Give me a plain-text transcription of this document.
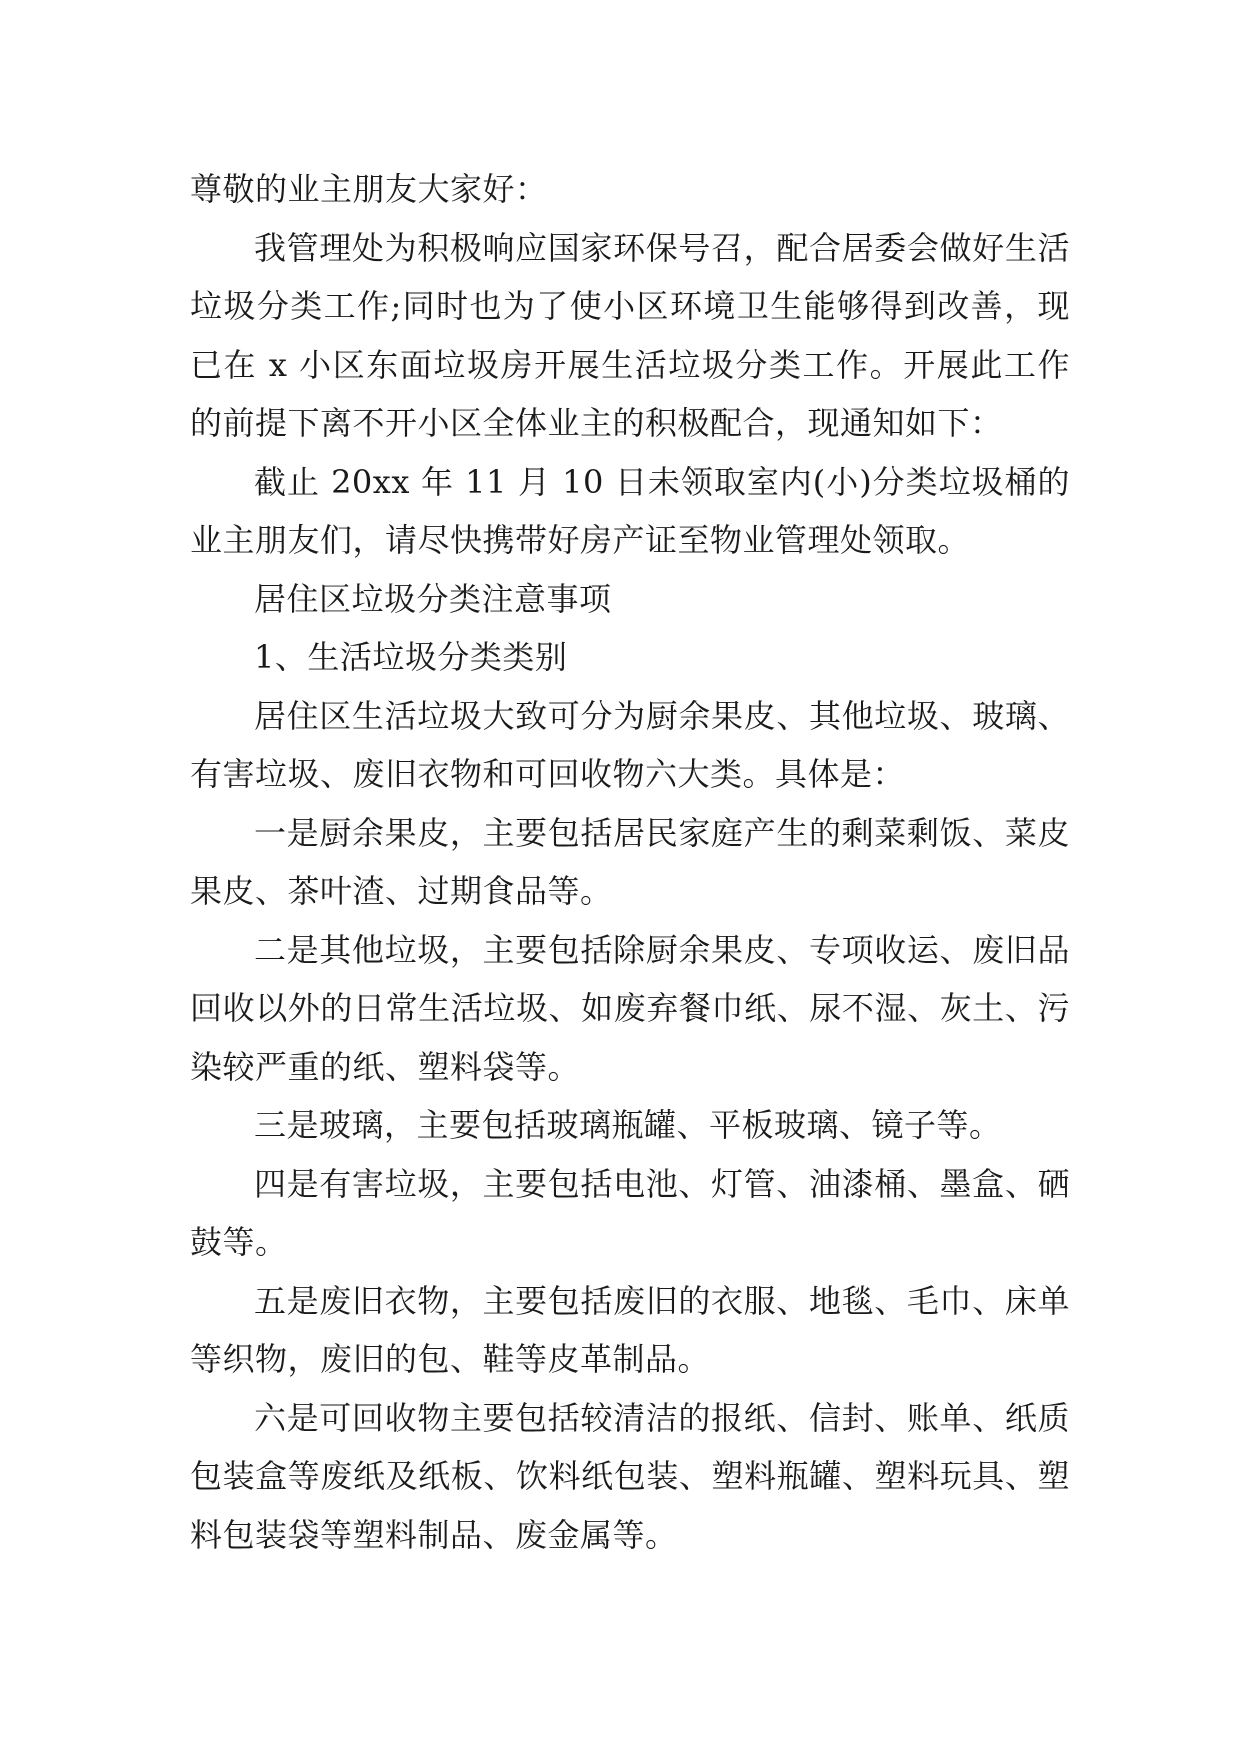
尊敬的业主朋友大家好：

我管理处为积极响应国家环保号召，配合居委会做好生活垃圾分类工作;同时也为了使小区环境卫生能够得到改善，现已在 x 小区东面垃圾房开展生活垃圾分类工作。开展此工作的前提下离不开小区全体业主的积极配合，现通知如下：

截止 20xx 年 11 月 10 日未领取室内(小)分类垃圾桶的业主朋友们，请尽快携带好房产证至物业管理处领取。

居住区垃圾分类注意事项

1、生活垃圾分类类别

居住区生活垃圾大致可分为厨余果皮、其他垃圾、玻璃、有害垃圾、废旧衣物和可回收物六大类。具体是：

一是厨余果皮，主要包括居民家庭产生的剩菜剩饭、菜皮果皮、茶叶渣、过期食品等。

二是其他垃圾，主要包括除厨余果皮、专项收运、废旧品回收以外的日常生活垃圾、如废弃餐巾纸、尿不湿、灰土、污染较严重的纸、塑料袋等。

三是玻璃，主要包括玻璃瓶罐、平板玻璃、镜子等。

四是有害垃圾，主要包括电池、灯管、油漆桶、墨盒、硒鼓等。

五是废旧衣物，主要包括废旧的衣服、地毯、毛巾、床单等织物，废旧的包、鞋等皮革制品。

六是可回收物主要包括较清洁的报纸、信封、账单、纸质包装盒等废纸及纸板、饮料纸包装、塑料瓶罐、塑料玩具、塑料包装袋等塑料制品、废金属等。
